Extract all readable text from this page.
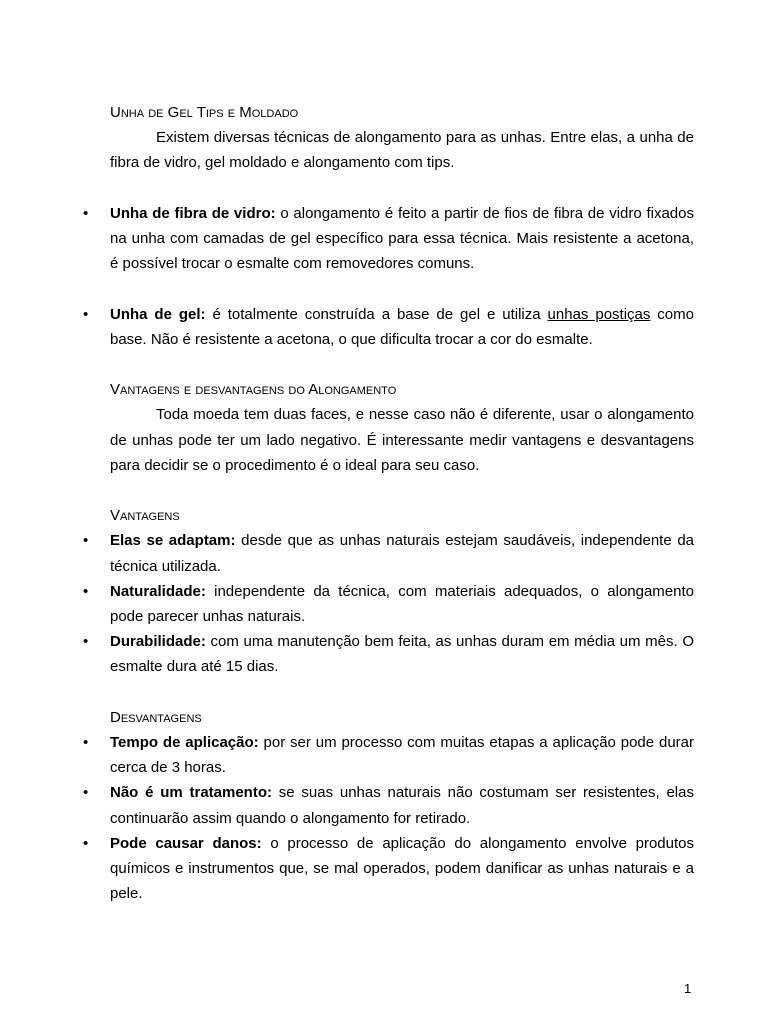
Unha de Gel Tips e Moldado

Existem diversas técnicas de alongamento para as unhas. Entre elas, a unha de fibra de vidro, gel moldado e alongamento com tips.

• Unha de fibra de vidro: o alongamento é feito a partir de fios de fibra de vidro fixados na unha com camadas de gel específico para essa técnica. Mais resistente a acetona, é possível trocar o esmalte com removedores comuns.
• Unha de gel: é totalmente construída a base de gel e utiliza unhas postiças como base. Não é resistente a acetona, o que dificulta trocar a cor do esmalte.
Vantagens e desvantagens do Alongamento

Toda moeda tem duas faces, e nesse caso não é diferente, usar o alongamento de unhas pode ter um lado negativo. É interessante medir vantagens e desvantagens para decidir se o procedimento é o ideal para seu caso.

Vantagens
• Elas se adaptam: desde que as unhas naturais estejam saudáveis, independente da técnica utilizada.
• Naturalidade: independente da técnica, com materiais adequados, o alongamento pode parecer unhas naturais.
• Durabilidade: com uma manutenção bem feita, as unhas duram em média um mês. O esmalte dura até 15 dias.
Desvantagens
• Tempo de aplicação: por ser um processo com muitas etapas a aplicação pode durar cerca de 3 horas.
• Não é um tratamento: se suas unhas naturais não costumam ser resistentes, elas continuarão assim quando o alongamento for retirado.
• Pode causar danos: o processo de aplicação do alongamento envolve produtos químicos e instrumentos que, se mal operados, podem danificar as unhas naturais e a pele.
1
